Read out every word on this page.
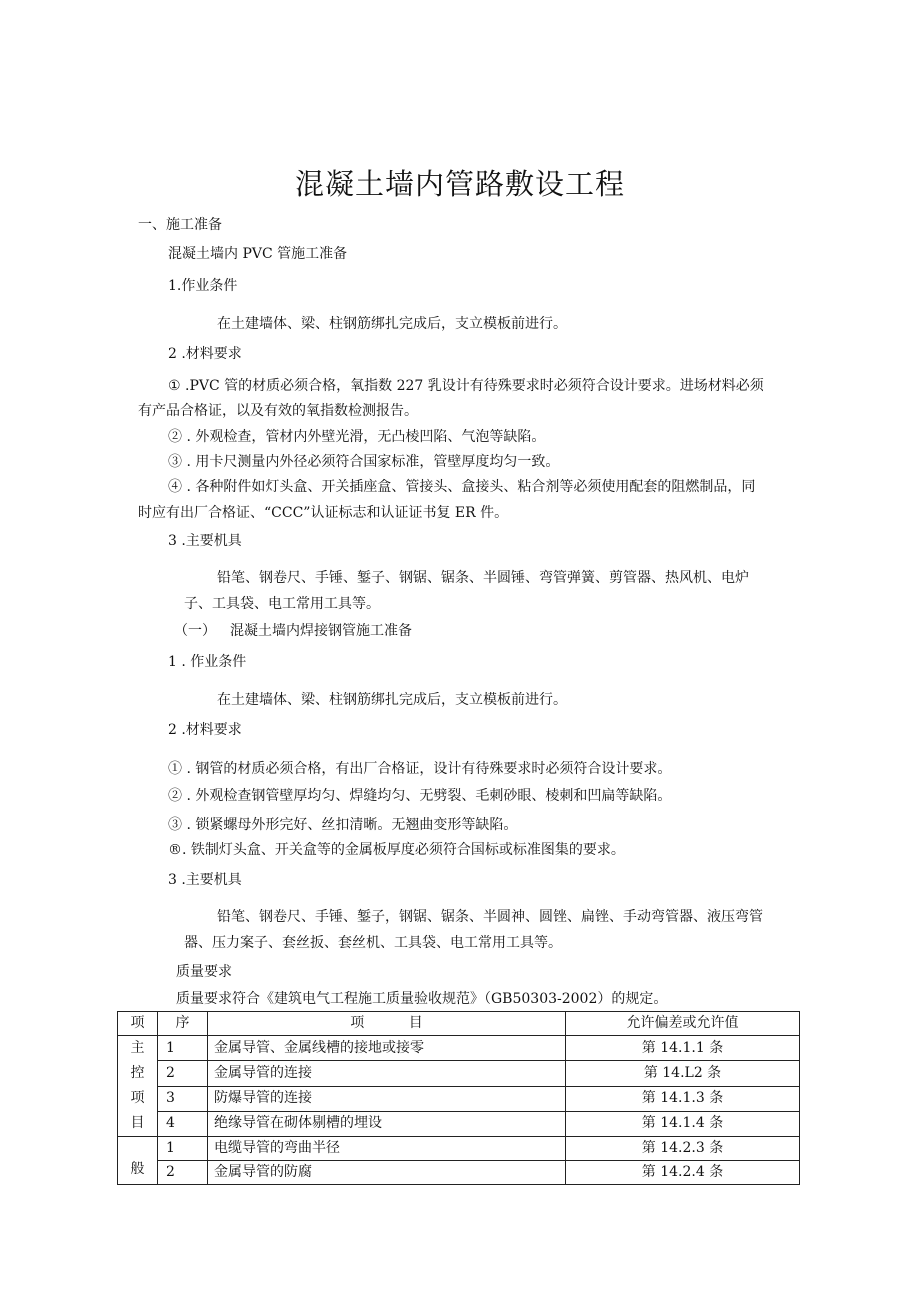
混凝土墙内管路敷设工程
一、施工准备
混凝土墙内 PVC 管施工准备
1.作业条件
在土建墙体、梁、柱钢筋绑扎完成后，支立模板前进行。
2 .材料要求
① .PVC 管的材质必须合格，氧指数 227 乳设计有待殊要求时必须符合设计要求。进场材料必须
有产品合格证，以及有效的氧指数检测报告。
② . 外观检查，管材内外壁光滑，无凸棱凹陷、气泡等缺陷。
③ . 用卡尺测量内外径必须符合国家标准，管壁厚度均匀一致。
④ . 各种附件如灯头盒、开关插座盒、管接头、盒接头、粘合剂等必须使用配套的阻燃制品，同
时应有出厂合格证、“CCC”认证标志和认证证书复 ER 件。
3 .主要机具
铅笔、钢卷尺、手锤、錾子、钢锯、锯条、半圆锤、弯管弹簧、剪管器、热风机、电炉
子、工具袋、电工常用工具等。
（一） 混凝土墙内焊接钢管施工准备
1 . 作业条件
在土建墙体、梁、柱钢筋绑扎完成后，支立模板前进行。
2 .材料要求
① . 钢管的材质必须合格，有出厂合格证，设计有待殊要求时必须符合设计要求。
② . 外观检查钢管壁厚均匀、焊缝均匀、无劈裂、毛刺砂眼、棱刺和凹扁等缺陷。
③ . 锁紧螺母外形完好、丝扣清晰。无翘曲变形等缺陷。
®. 铁制灯头盒、开关盒等的金属板厚度必须符合国标或标准图集的要求。
3 .主要机具
铅笔、钢卷尺、手锤、錾子，钢锯、锯条、半圆神、圆锉、扁锉、手动弯管器、液压弯管
器、压力案子、套丝扳、套丝机、工具袋、电工常用工具等。
质量要求
质量要求符合《建筑电气工程施工质量验收规范》（GB50303-2002）的规定。
项	序	项          目	允许偏差或允许值

主
控
项
目	1	金属导管、金属线槽的接地或接零	第 14.1.1 条
	2	金属导管的连接	第 14.L2 条
	3	防爆导管的连接	第 14.1.3 条
	4	绝缘导管在砌体剔槽的埋设	第 14.1.4 条
般	1	电缆导管的弯曲半径	第 14.2.3 条
	2	金属导管的防腐	第 14.2.4 条
